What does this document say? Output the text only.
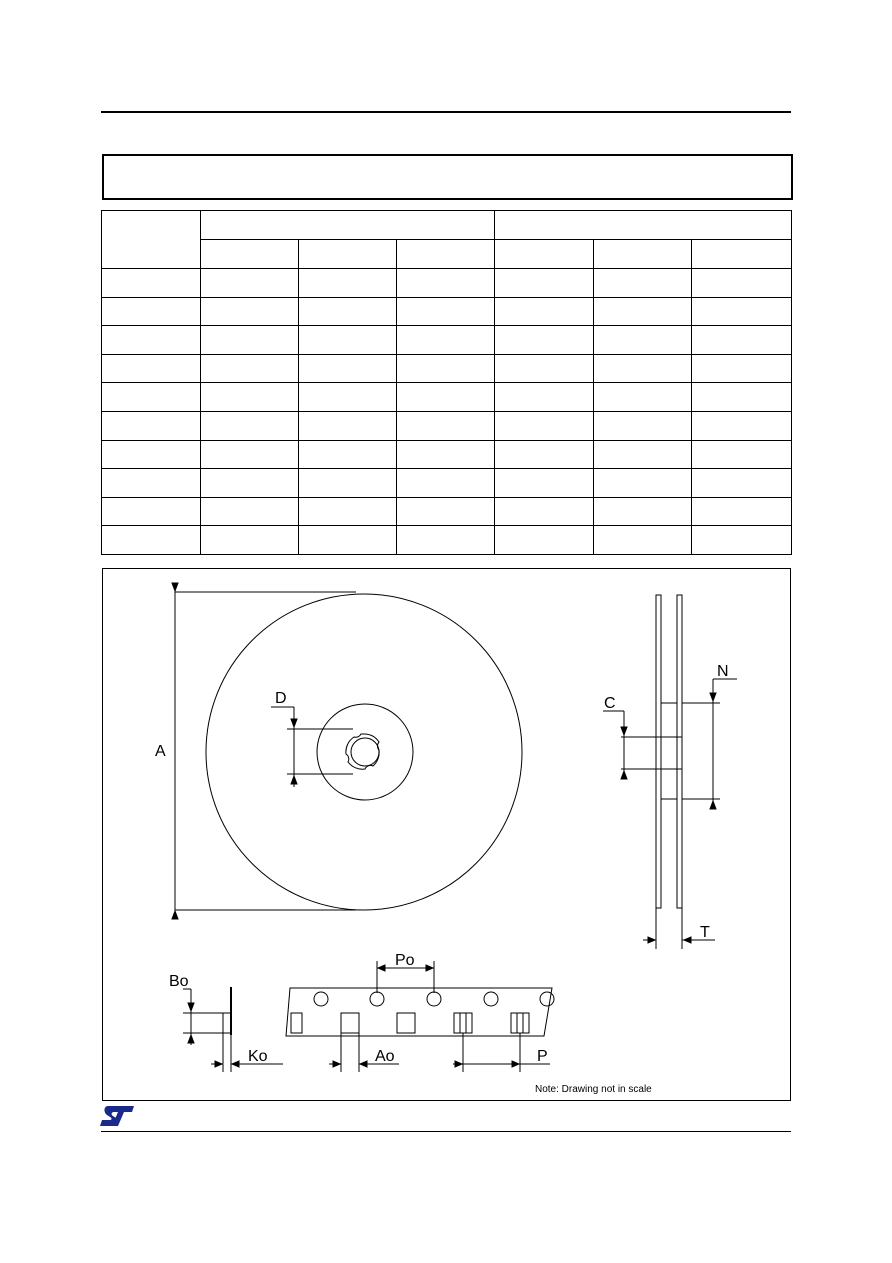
A
D	C
N
T
Bo
Po
Ko	Ao	P
Note: Drawing not in scale
